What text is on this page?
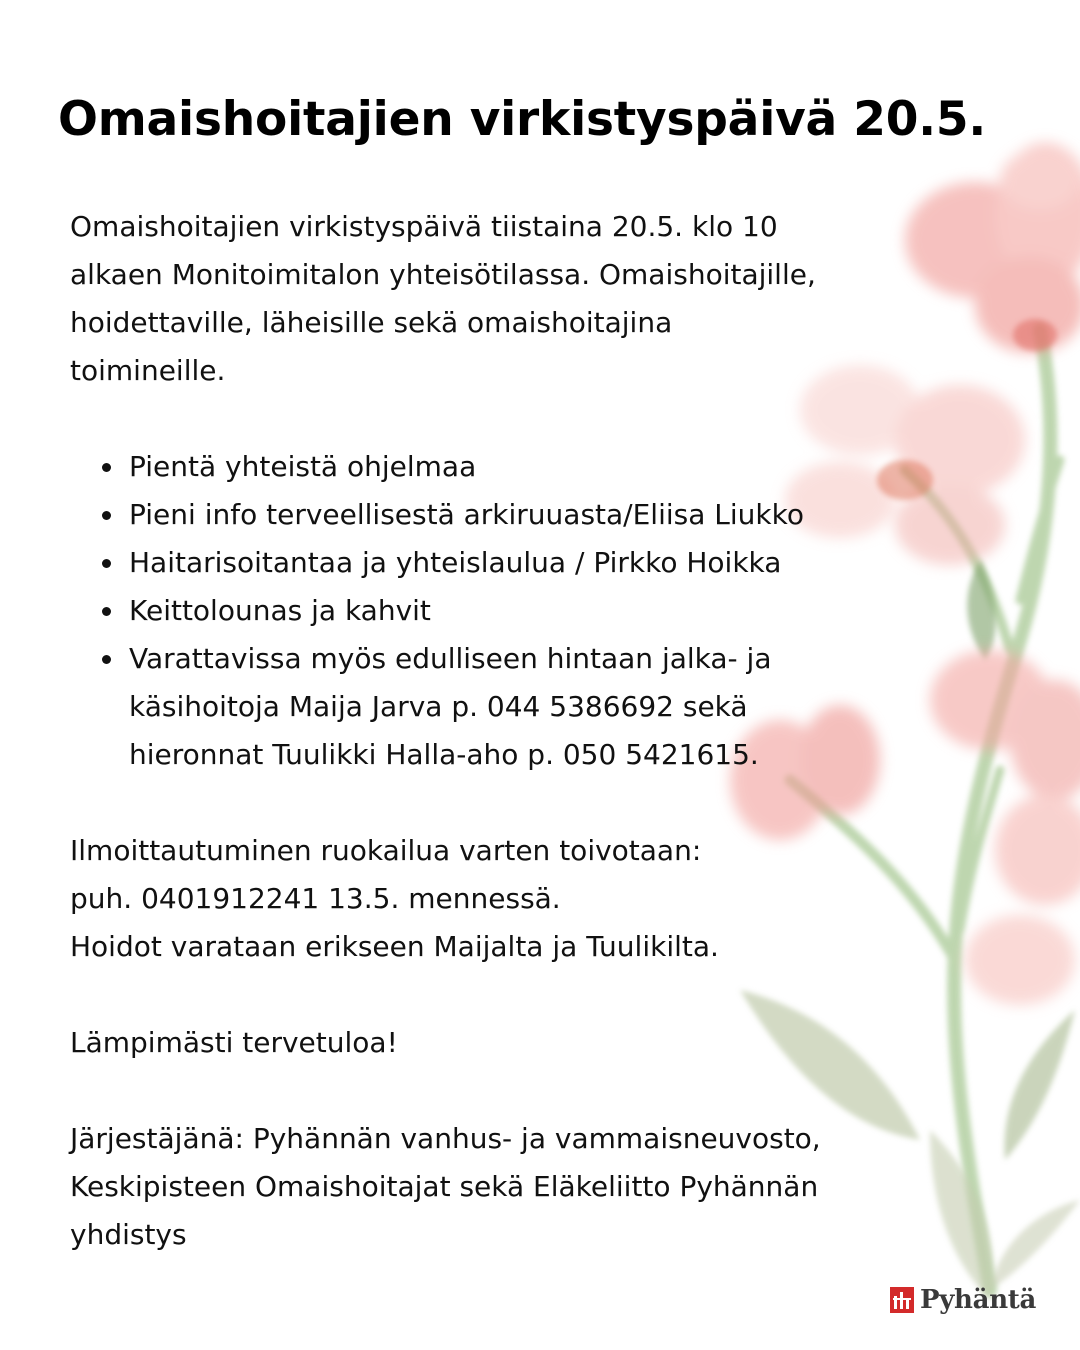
Omaishoitajien virkistyspäivä 20.5.

Omaishoitajien virkistyspäivä tiistaina 20.5. klo 10
alkaen Monitoimitalon yhteisötilassa. Omaishoitajille,
hoidettaville, läheisille sekä omaishoitajina
toimineille.

Pientä yhteistä ohjelmaa
Pieni info terveellisestä arkiruuasta/Eliisa Liukko
Haitarisoitantaa ja yhteislaulua / Pirkko Hoikka
Keittolounas ja kahvit
Varattavissa myös edulliseen hintaan jalka- ja
käsihoitoja Maija Jarva p. 044 5386692 sekä
hieronnat Tuulikki Halla-aho p. 050 5421615.

Ilmoittautuminen ruokailua varten toivotaan:
puh. 0401912241 13.5. mennessä.
Hoidot varataan erikseen Maijalta ja Tuulikilta.

Lämpimästi tervetuloa!

Järjestäjänä: Pyhännän vanhus- ja vammaisneuvosto,
Keskipisteen Omaishoitajat sekä Eläkeliitto Pyhännän
yhdistys

Pyhäntä
